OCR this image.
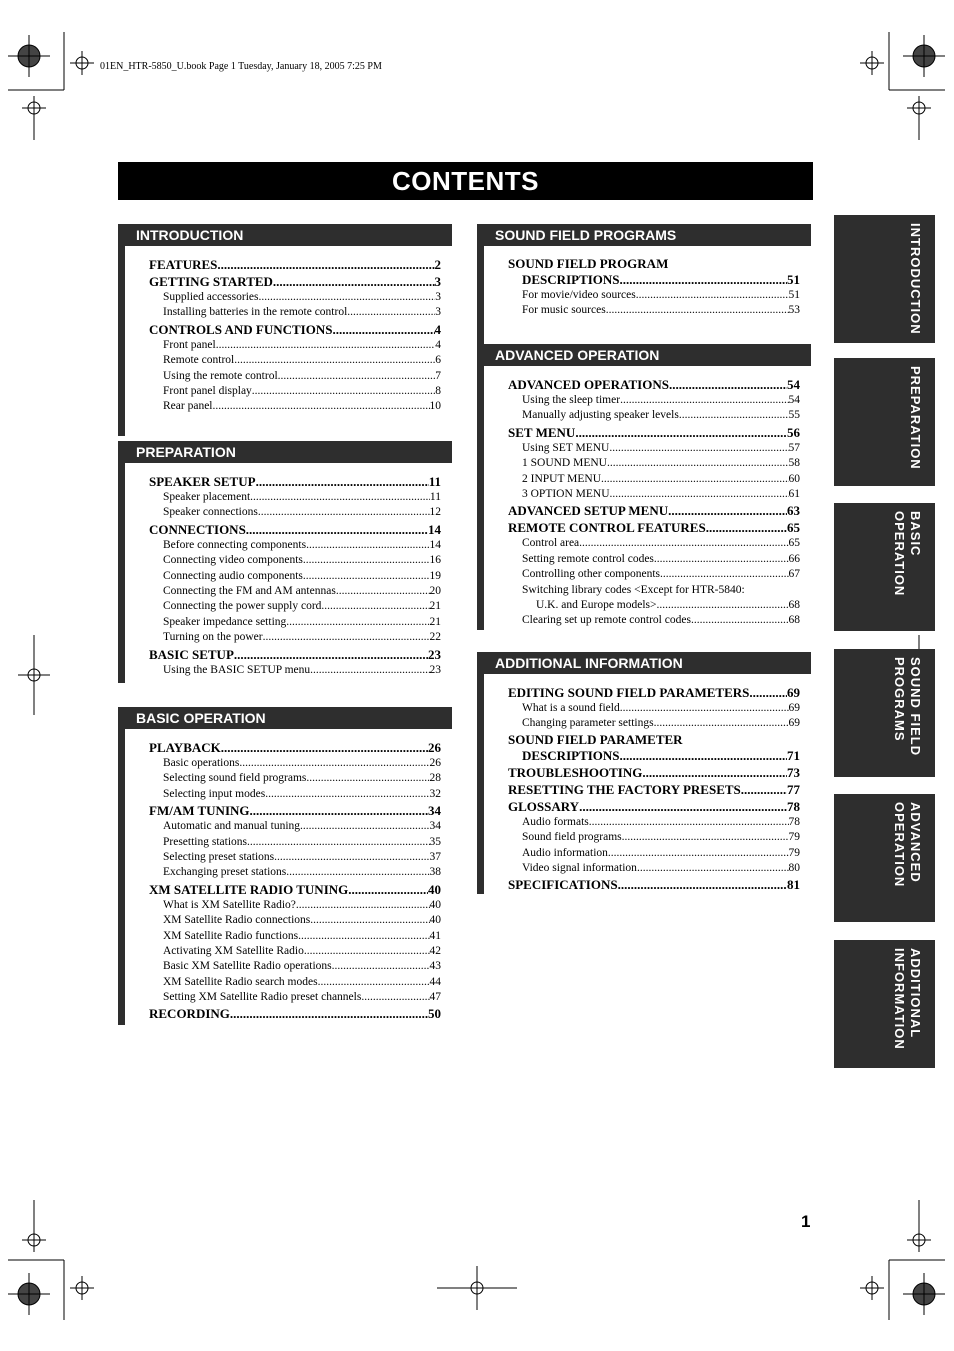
01EN_HTR-5850_U.book Page 1 Tuesday, January 18, 2005 7:25 PM
CONTENTS
INTRODUCTION
FEATURES .....	2
GETTING STARTED .....	3
Supplied accessories .....	3
Installing batteries in the remote control .....	3
CONTROLS AND FUNCTIONS .....	4
Front panel .....	4
Remote control .....	6
Using the remote control .....	7
Front panel display .....	8
Rear panel .....	10
PREPARATION
SPEAKER SETUP .....	11
Speaker placement .....	11
Speaker connections .....	12
CONNECTIONS .....	14
Before connecting components .....	14
Connecting video components .....	16
Connecting audio components .....	19
Connecting the FM and AM antennas .....	20
Connecting the power supply cord .....	21
Speaker impedance setting .....	21
Turning on the power .....	22
BASIC SETUP .....	23
Using the BASIC SETUP menu .....	23
BASIC OPERATION
PLAYBACK .....	26
Basic operations .....	26
Selecting sound field programs .....	28
Selecting input modes .....	32
FM/AM TUNING .....	34
Automatic and manual tuning .....	34
Presetting stations .....	35
Selecting preset stations .....	37
Exchanging preset stations .....	38
XM SATELLITE RADIO TUNING .....	40
What is XM Satellite Radio? .....	40
XM Satellite Radio connections .....	40
XM Satellite Radio functions .....	41
Activating XM Satellite Radio .....	42
Basic XM Satellite Radio operations .....	43
XM Satellite Radio search modes .....	44
Setting XM Satellite Radio preset channels .....	47
RECORDING .....	50
SOUND FIELD PROGRAMS
SOUND FIELD PROGRAM
DESCRIPTIONS .....	51
For movie/video sources .....	51
For music sources .....	53
ADVANCED OPERATION
ADVANCED OPERATIONS .....	54
Using the sleep timer .....	54
Manually adjusting speaker levels .....	55
SET MENU .....	56
Using SET MENU .....	57
1 SOUND MENU .....	58
2 INPUT MENU .....	60
3 OPTION MENU .....	61
ADVANCED SETUP MENU .....	63
REMOTE CONTROL FEATURES .....	65
Control area .....	65
Setting remote control codes .....	66
Controlling other components .....	67
Switching library codes <Except for HTR-5840:
U.K. and Europe models> .....	68
Clearing set up remote control codes .....	68
ADDITIONAL INFORMATION
EDITING SOUND FIELD PARAMETERS .....	69
What is a sound field .....	69
Changing parameter settings .....	69
SOUND FIELD PARAMETER
DESCRIPTIONS .....	71
TROUBLESHOOTING .....	73
RESETTING THE FACTORY PRESETS .....	77
GLOSSARY .....	78
Audio formats .....	78
Sound field programs .....	79
Audio information .....	79
Video signal information .....	80
SPECIFICATIONS .....	81
INTRODUCTION
PREPARATION
BASIC
OPERATION
SOUND FIELD
PROGRAMS
ADVANCED
OPERATION
ADDITIONAL
INFORMATION
1
